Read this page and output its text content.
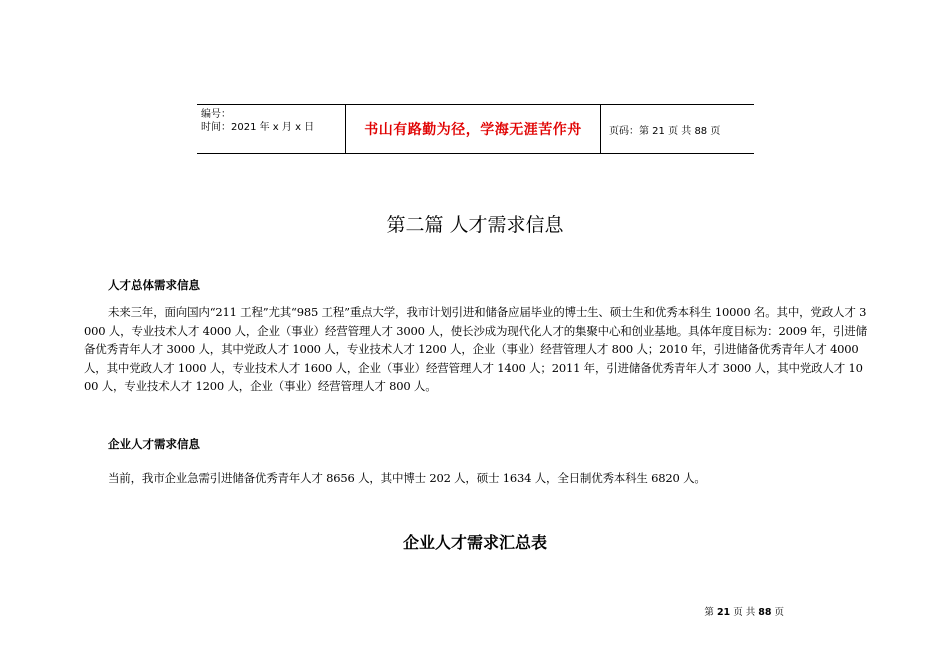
编号：
时间：2021 年 x 月 x 日	书山有路勤为径，学海无涯苦作舟	页码：第 21 页 共 88 页
第二篇 人才需求信息
人才总体需求信息
未来三年，面向国内“211 工程”尤其“985 工程”重点大学，我市计划引进和储备应届毕业的博士生、硕士生和优秀本科生 10000 名。其中，党政人才 3000 人，专业技术人才 4000 人，企业（事业）经营管理人才 3000 人，使长沙成为现代化人才的集聚中心和创业基地。具体年度目标为：2009 年，引进储备优秀青年人才 3000 人，其中党政人才 1000 人，专业技术人才 1200 人，企业（事业）经营管理人才 800 人；2010 年，引进储备优秀青年人才 4000 人，其中党政人才 1000 人，专业技术人才 1600 人，企业（事业）经营管理人才 1400 人；2011 年，引进储备优秀青年人才 3000 人，其中党政人才 1000 人，专业技术人才 1200 人，企业（事业）经营管理人才 800 人。
企业人才需求信息
当前，我市企业急需引进储备优秀青年人才 8656 人，其中博士 202 人，硕士 1634 人，全日制优秀本科生 6820 人。
企业人才需求汇总表
第 21 页 共 88 页
